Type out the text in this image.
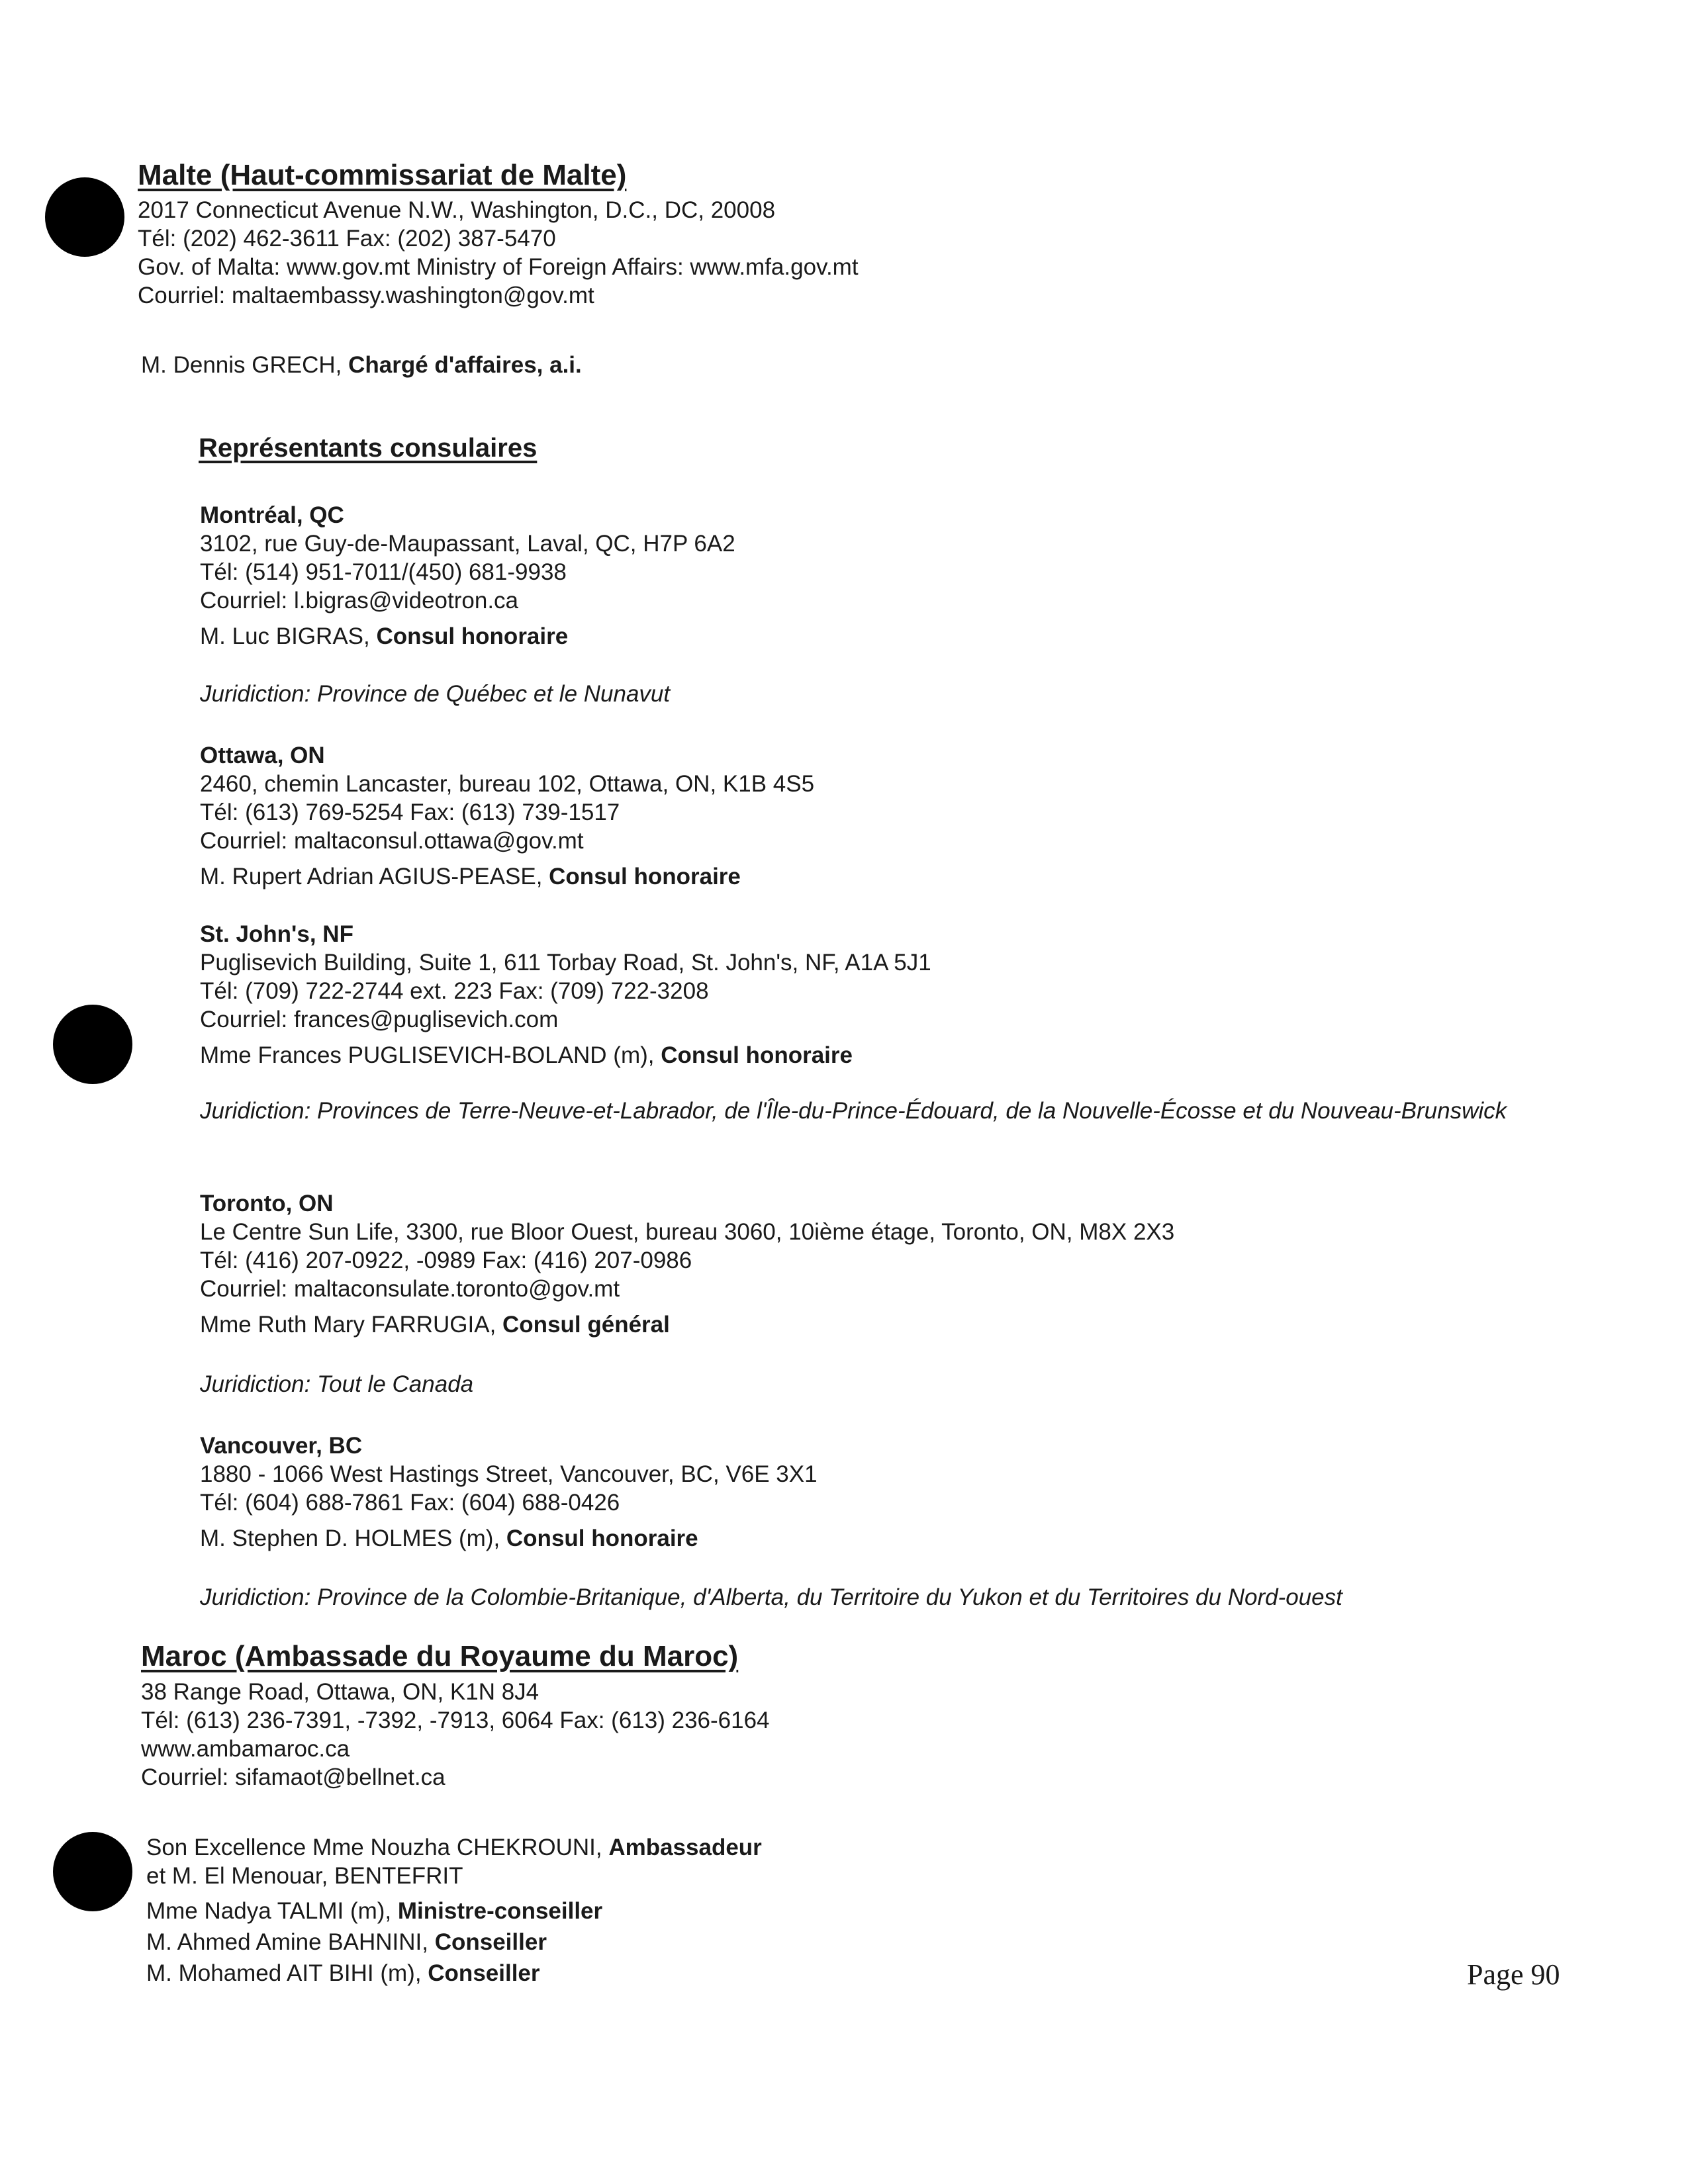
Malte (Haut-commissariat de Malte)
2017 Connecticut Avenue N.W., Washington, D.C., DC, 20008
Tél: (202) 462-3611 Fax: (202) 387-5470
Gov. of Malta: www.gov.mt Ministry of Foreign Affairs: www.mfa.gov.mt
Courriel: maltaembassy.washington@gov.mt
M. Dennis GRECH, Chargé d'affaires, a.i.
Représentants consulaires
Montréal, QC
3102, rue Guy-de-Maupassant, Laval, QC, H7P 6A2
Tél: (514) 951-7011/(450) 681-9938
Courriel: l.bigras@videotron.ca
M. Luc BIGRAS, Consul honoraire
Juridiction: Province de Québec et le Nunavut
Ottawa, ON
2460, chemin Lancaster, bureau 102, Ottawa, ON, K1B 4S5
Tél: (613) 769-5254 Fax: (613) 739-1517
Courriel: maltaconsul.ottawa@gov.mt
M. Rupert Adrian AGIUS-PEASE, Consul honoraire
St. John's, NF
Puglisevich Building, Suite 1, 611 Torbay Road, St. John's, NF, A1A 5J1
Tél: (709) 722-2744 ext. 223 Fax: (709) 722-3208
Courriel: frances@puglisevich.com
Mme Frances PUGLISEVICH-BOLAND (m), Consul honoraire
Juridiction: Provinces de Terre-Neuve-et-Labrador, de l'Île-du-Prince-Édouard, de la Nouvelle-Écosse et du Nouveau-Brunswick
Toronto, ON
Le Centre Sun Life, 3300, rue Bloor Ouest, bureau 3060, 10ième étage, Toronto, ON, M8X 2X3
Tél: (416) 207-0922, -0989 Fax: (416) 207-0986
Courriel: maltaconsulate.toronto@gov.mt
Mme Ruth Mary FARRUGIA, Consul général
Juridiction: Tout le Canada
Vancouver, BC
1880 - 1066 West Hastings Street, Vancouver, BC, V6E 3X1
Tél: (604) 688-7861 Fax: (604) 688-0426
M. Stephen D. HOLMES (m), Consul honoraire
Juridiction: Province de la Colombie-Britanique, d'Alberta, du Territoire du Yukon et du Territoires du Nord-ouest
Maroc (Ambassade du Royaume du Maroc)
38 Range Road, Ottawa, ON, K1N 8J4
Tél: (613) 236-7391, -7392, -7913, 6064 Fax: (613) 236-6164
www.ambamaroc.ca
Courriel: sifamaot@bellnet.ca
Son Excellence Mme Nouzha CHEKROUNI, Ambassadeur
et M. El Menouar, BENTEFRIT
Mme Nadya TALMI (m), Ministre-conseiller
M. Ahmed Amine BAHNINI, Conseiller
M. Mohamed AIT BIHI (m), Conseiller	Page 90
